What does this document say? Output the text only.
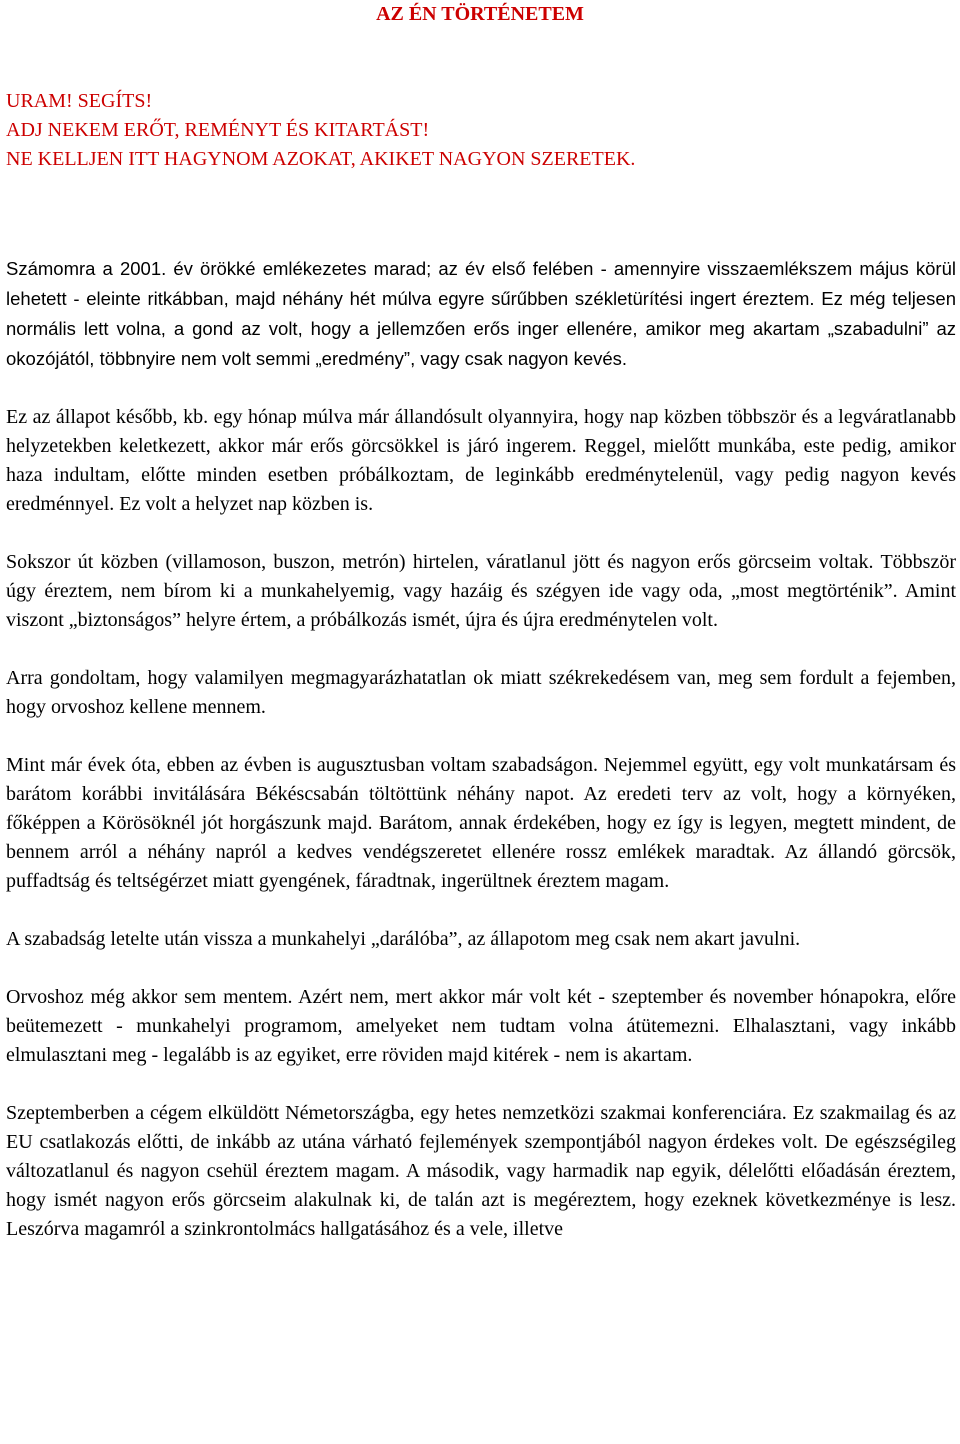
AZ ÉN TÖRTÉNETEM
URAM! SEGÍTS!
ADJ NEKEM ERŐT, REMÉNYT ÉS KITARTÁST!
NE KELLJEN ITT HAGYNOM AZOKAT, AKIKET NAGYON SZERETEK.

Számomra a 2001. év örökké emlékezetes marad; az év első felében - amennyire visszaemlékszem május körül lehetett - eleinte ritkábban, majd néhány hét múlva egyre sűrűbben székletürítési ingert éreztem. Ez még teljesen normális lett volna, a gond az volt, hogy a jellemzően erős inger ellenére, amikor meg akartam „szabadulni” az okozójától, többnyire nem volt semmi „eredmény”, vagy csak nagyon kevés.

Ez az állapot később, kb. egy hónap múlva már állandósult olyannyira, hogy nap közben többször és a legváratlanabb helyzetekben keletkezett, akkor már erős görcsökkel is járó ingerem. Reggel, mielőtt munkába, este pedig, amikor haza indultam, előtte minden esetben próbálkoztam, de leginkább eredménytelenül, vagy pedig nagyon kevés eredménnyel. Ez volt a helyzet nap közben is.

Sokszor út közben (villamoson, buszon, metrón) hirtelen, váratlanul jött és nagyon erős görcseim voltak. Többször úgy éreztem, nem bírom ki a munkahelyemig, vagy hazáig és szégyen ide vagy oda, „most megtörténik”. Amint viszont „biztonságos” helyre értem, a próbálkozás ismét, újra és újra eredménytelen volt.

Arra gondoltam, hogy valamilyen megmagyarázhatatlan ok miatt székrekedésem van, meg sem fordult a fejemben, hogy orvoshoz kellene mennem.

Mint már évek óta, ebben az évben is augusztusban voltam szabadságon. Nejemmel együtt, egy volt munkatársam és barátom korábbi invitálására Békéscsabán töltöttünk néhány napot. Az eredeti terv az volt, hogy a környéken, főképpen a Körösöknél jót horgászunk majd. Barátom, annak érdekében, hogy ez így is legyen, megtett mindent, de bennem arról a néhány napról a kedves vendégszeretet ellenére rossz emlékek maradtak. Az állandó görcsök, puffadtság és teltségérzet miatt gyengének, fáradtnak, ingerültnek éreztem magam.

A szabadság letelte után vissza a munkahelyi „darálóba”, az állapotom meg csak nem akart javulni.

Orvoshoz még akkor sem mentem. Azért nem, mert akkor már volt két - szeptember és november hónapokra, előre beütemezett - munkahelyi programom, amelyeket nem tudtam volna átütemezni. Elhalasztani, vagy inkább elmulasztani meg - legalább is az egyiket, erre röviden majd kitérek - nem is akartam.

Szeptemberben a cégem elküldött Németországba, egy hetes nemzetközi szakmai konferenciára. Ez szakmailag és az EU csatlakozás előtti, de inkább az utána várható fejlemények szempontjából nagyon érdekes volt. De egészségileg változatlanul és nagyon csehül éreztem magam. A második, vagy harmadik nap egyik, délelőtti előadásán éreztem, hogy ismét nagyon erős görcseim alakulnak ki, de talán azt is megéreztem, hogy ezeknek következménye is lesz. Leszórva magamról a szinkrontolmács hallgatásához és a vele, illetve
